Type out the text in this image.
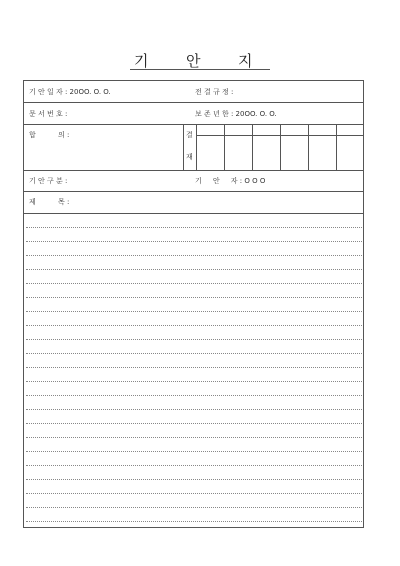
기	안	지
기 안 일 자 : 20OO. O. O.	전 결 규 정 :
문 서 번 호 :	보 존 년 한 : 20OO. O. O.
합          의 :	결
재
기 안 구 분 :	기     안     자 : O O O
제          목 :
